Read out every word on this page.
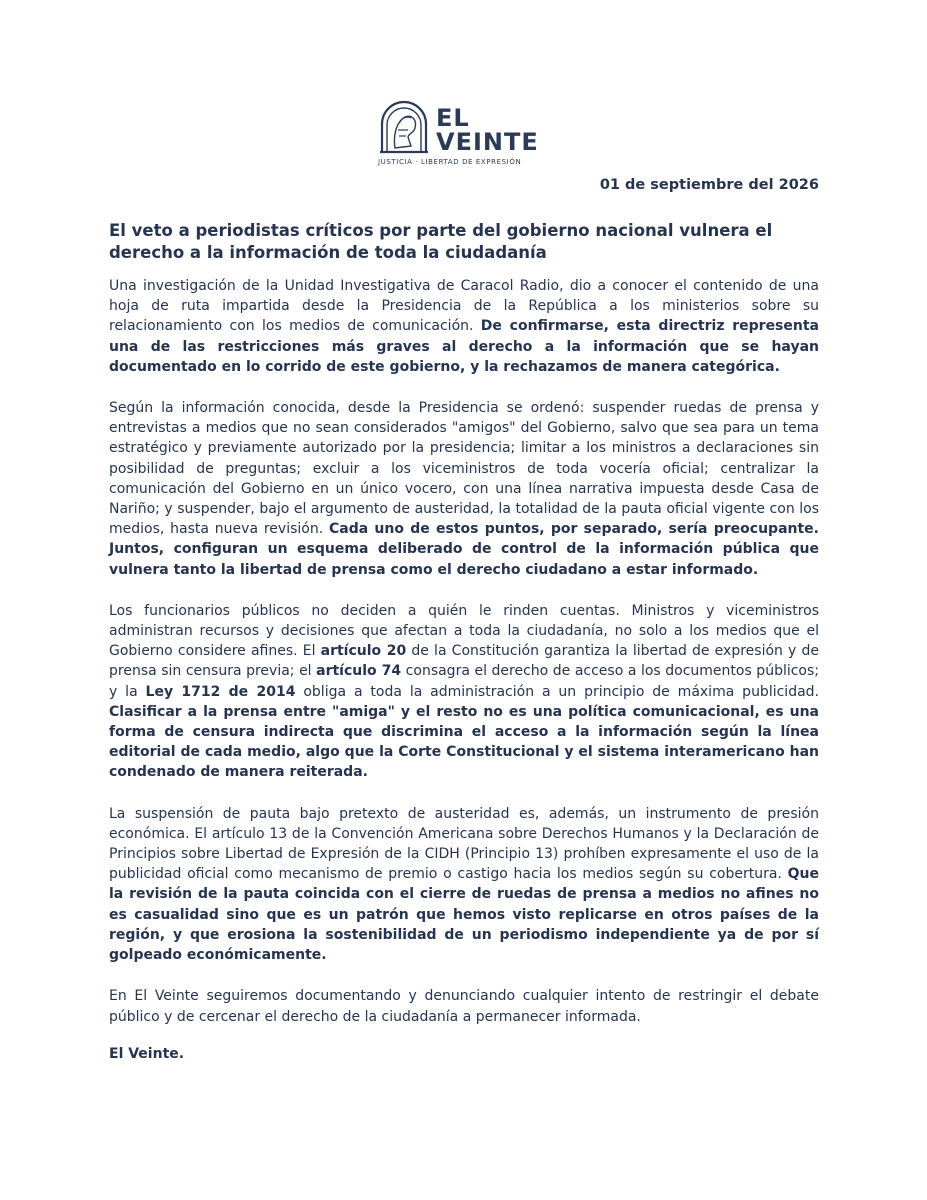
EL
VEINTE
JUSTICIA · LIBERTAD DE EXPRESIÓN
01 de septiembre del 2026
El veto a periodistas críticos por parte del gobierno nacional vulnera el derecho a la información de toda la ciudadanía

Una investigación de la Unidad Investigativa de Caracol Radio, dio a conocer el contenido de una hoja de ruta impartida desde la Presidencia de la República a los ministerios sobre su relacionamiento con los medios de comunicación. De confirmarse, esta directriz representa una de las restricciones más graves al derecho a la información que se hayan documentado en lo corrido de este gobierno, y la rechazamos de manera categórica.

Según la información conocida, desde la Presidencia se ordenó: suspender ruedas de prensa y entrevistas a medios que no sean considerados "amigos" del Gobierno, salvo que sea para un tema estratégico y previamente autorizado por la presidencia; limitar a los ministros a declaraciones sin posibilidad de preguntas; excluir a los viceministros de toda vocería oficial; centralizar la comunicación del Gobierno en un único vocero, con una línea narrativa impuesta desde Casa de Nariño; y suspender, bajo el argumento de austeridad, la totalidad de la pauta oficial vigente con los medios, hasta nueva revisión. Cada uno de estos puntos, por separado, sería preocupante. Juntos, configuran un esquema deliberado de control de la información pública que vulnera tanto la libertad de prensa como el derecho ciudadano a estar informado.

Los funcionarios públicos no deciden a quién le rinden cuentas. Ministros y viceministros administran recursos y decisiones que afectan a toda la ciudadanía, no solo a los medios que el Gobierno considere afines. El artículo 20 de la Constitución garantiza la libertad de expresión y de prensa sin censura previa; el artículo 74 consagra el derecho de acceso a los documentos públicos; y la Ley 1712 de 2014 obliga a toda la administración a un principio de máxima publicidad. Clasificar a la prensa entre "amiga" y el resto no es una política comunicacional, es una forma de censura indirecta que discrimina el acceso a la información según la línea editorial de cada medio, algo que la Corte Constitucional y el sistema interamericano han condenado de manera reiterada.

La suspensión de pauta bajo pretexto de austeridad es, además, un instrumento de presión económica. El artículo 13 de la Convención Americana sobre Derechos Humanos y la Declaración de Principios sobre Libertad de Expresión de la CIDH (Principio 13) prohíben expresamente el uso de la publicidad oficial como mecanismo de premio o castigo hacia los medios según su cobertura. Que la revisión de la pauta coincida con el cierre de ruedas de prensa a medios no afines no es casualidad sino que es un patrón que hemos visto replicarse en otros países de la región, y que erosiona la sostenibilidad de un periodismo independiente ya de por sí golpeado económicamente.

En El Veinte seguiremos documentando y denunciando cualquier intento de restringir el debate público y de cercenar el derecho de la ciudadanía a permanecer informada.

El Veinte.
